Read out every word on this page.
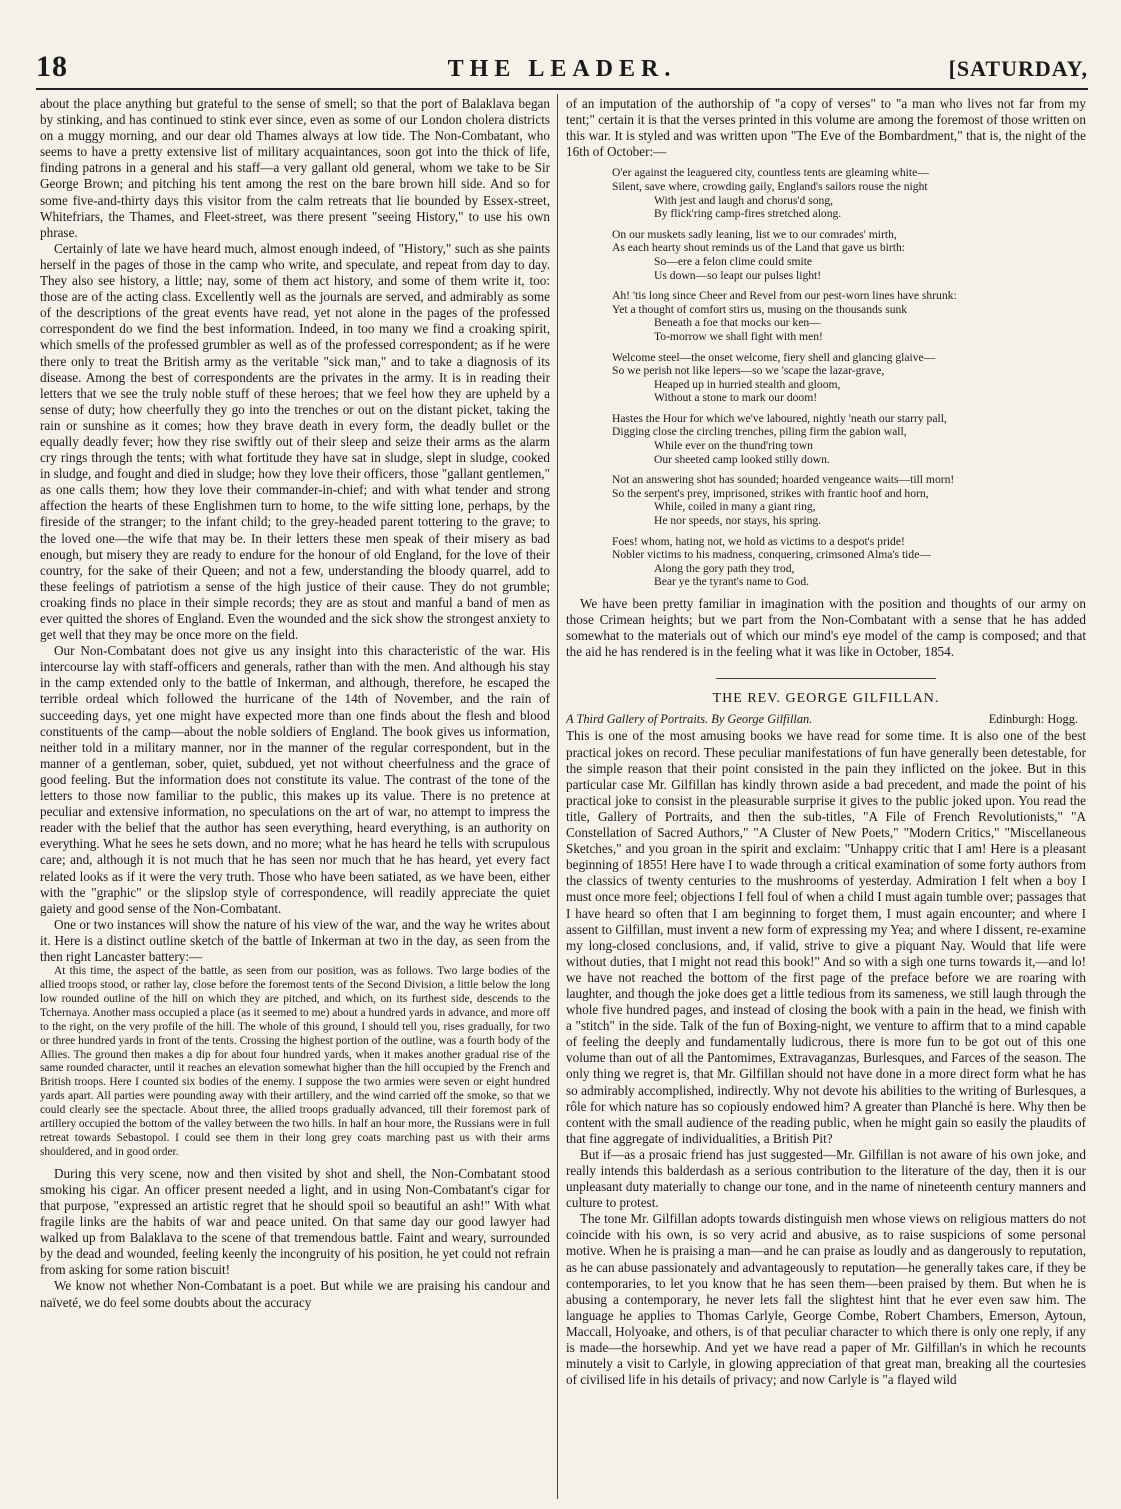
18	THE LEADER.	[SATURDAY,

about the place anything but grateful to the sense of smell; so that the port of Balaklava began by stinking, and has continued to stink ever since, even as some of our London cholera districts on a muggy morning, and our dear old Thames always at low tide. The Non-Combatant, who seems to have a pretty extensive list of military acquaintances, soon got into the thick of life, finding patrons in a general and his staff—a very gallant old general, whom we take to be Sir George Brown; and pitching his tent among the rest on the bare brown hill side. And so for some five-and-thirty days this visitor from the calm retreats that lie bounded by Essex-street, Whitefriars, the Thames, and Fleet-street, was there present "seeing History," to use his own phrase.

Certainly of late we have heard much, almost enough indeed, of "History," such as she paints herself in the pages of those in the camp who write, and speculate, and repeat from day to day. They also see history, a little; nay, some of them act history, and some of them write it, too: those are of the acting class. Excellently well as the journals are served, and admirably as some of the descriptions of the great events have read, yet not alone in the pages of the professed correspondent do we find the best information. Indeed, in too many we find a croaking spirit, which smells of the professed grumbler as well as of the professed correspondent; as if he were there only to treat the British army as the veritable "sick man," and to take a diagnosis of its disease. Among the best of correspondents are the privates in the army. It is in reading their letters that we see the truly noble stuff of these heroes; that we feel how they are upheld by a sense of duty; how cheerfully they go into the trenches or out on the distant picket, taking the rain or sunshine as it comes; how they brave death in every form, the deadly bullet or the equally deadly fever; how they rise swiftly out of their sleep and seize their arms as the alarm cry rings through the tents; with what fortitude they have sat in sludge, slept in sludge, cooked in sludge, and fought and died in sludge; how they love their officers, those "gallant gentlemen," as one calls them; how they love their commander-in-chief; and with what tender and strong affection the hearts of these Englishmen turn to home, to the wife sitting lone, perhaps, by the fireside of the stranger; to the infant child; to the grey-headed parent tottering to the grave; to the loved one—the wife that may be. In their letters these men speak of their misery as bad enough, but misery they are ready to endure for the honour of old England, for the love of their country, for the sake of their Queen; and not a few, understanding the bloody quarrel, add to these feelings of patriotism a sense of the high justice of their cause. They do not grumble; croaking finds no place in their simple records; they are as stout and manful a band of men as ever quitted the shores of England. Even the wounded and the sick show the strongest anxiety to get well that they may be once more on the field.

Our Non-Combatant does not give us any insight into this characteristic of the war. His intercourse lay with staff-officers and generals, rather than with the men. And although his stay in the camp extended only to the battle of Inkerman, and although, therefore, he escaped the terrible ordeal which followed the hurricane of the 14th of November, and the rain of succeeding days, yet one might have expected more than one finds about the flesh and blood constituents of the camp—about the noble soldiers of England. The book gives us information, neither told in a military manner, nor in the manner of the regular correspondent, but in the manner of a gentleman, sober, quiet, subdued, yet not without cheerfulness and the grace of good feeling. But the information does not constitute its value. The contrast of the tone of the letters to those now familiar to the public, this makes up its value. There is no pretence at peculiar and extensive information, no speculations on the art of war, no attempt to impress the reader with the belief that the author has seen everything, heard everything, is an authority on everything. What he sees he sets down, and no more; what he has heard he tells with scrupulous care; and, although it is not much that he has seen nor much that he has heard, yet every fact related looks as if it were the very truth. Those who have been satiated, as we have been, either with the "graphic" or the slipslop style of correspondence, will readily appreciate the quiet gaiety and good sense of the Non-Combatant.

One or two instances will show the nature of his view of the war, and the way he writes about it. Here is a distinct outline sketch of the battle of Inkerman at two in the day, as seen from the then right Lancaster battery:—

At this time, the aspect of the battle, as seen from our position, was as follows. Two large bodies of the allied troops stood, or rather lay, close before the foremost tents of the Second Division, a little below the long low rounded outline of the hill on which they are pitched, and which, on its furthest side, descends to the Tchernaya. Another mass occupied a place (as it seemed to me) about a hundred yards in advance, and more off to the right, on the very profile of the hill. The whole of this ground, I should tell you, rises gradually, for two or three hundred yards in front of the tents. Crossing the highest portion of the outline, was a fourth body of the Allies. The ground then makes a dip for about four hundred yards, when it makes another gradual rise of the same rounded character, until it reaches an elevation somewhat higher than the hill occupied by the French and British troops. Here I counted six bodies of the enemy. I suppose the two armies were seven or eight hundred yards apart. All parties were pounding away with their artillery, and the wind carried off the smoke, so that we could clearly see the spectacle. About three, the allied troops gradually advanced, till their foremost park of artillery occupied the bottom of the valley between the two hills. In half an hour more, the Russians were in full retreat towards Sebastopol. I could see them in their long grey coats marching past us with their arms shouldered, and in good order.

During this very scene, now and then visited by shot and shell, the Non-Combatant stood smoking his cigar. An officer present needed a light, and in using Non-Combatant's cigar for that purpose, "expressed an artistic regret that he should spoil so beautiful an ash!" With what fragile links are the habits of war and peace united. On that same day our good lawyer had walked up from Balaklava to the scene of that tremendous battle. Faint and weary, surrounded by the dead and wounded, feeling keenly the incongruity of his position, he yet could not refrain from asking for some ration biscuit!

We know not whether Non-Combatant is a poet. But while we are praising his candour and naïveté, we do feel some doubts about the accuracy

of an imputation of the authorship of "a copy of verses" to "a man who lives not far from my tent;" certain it is that the verses printed in this volume are among the foremost of those written on this war. It is styled and was written upon "The Eve of the Bombardment," that is, the night of the 16th of October:—

O'er against the leaguered city, countless tents are gleaming white—
Silent, save where, crowding gaily, England's sailors rouse the night
With jest and laugh and chorus'd song,
By flick'ring camp-fires stretched along.
On our muskets sadly leaning, list we to our comrades' mirth,
As each hearty shout reminds us of the Land that gave us birth:
So—ere a felon clime could smite
Us down—so leapt our pulses light!
Ah! 'tis long since Cheer and Revel from our pest-worn lines have shrunk:
Yet a thought of comfort stirs us, musing on the thousands sunk
Beneath a foe that mocks our ken—
To-morrow we shall fight with men!
Welcome steel—the onset welcome, fiery shell and glancing glaive—
So we perish not like lepers—so we 'scape the lazar-grave,
Heaped up in hurried stealth and gloom,
Without a stone to mark our doom!
Hastes the Hour for which we've laboured, nightly 'neath our starry pall,
Digging close the circling trenches, piling firm the gabion wall,
While ever on the thund'ring town
Our sheeted camp looked stilly down.
Not an answering shot has sounded; hoarded vengeance waits—till morn!
So the serpent's prey, imprisoned, strikes with frantic hoof and horn,
While, coiled in many a giant ring,
He nor speeds, nor stays, his spring.
Foes! whom, hating not, we hold as victims to a despot's pride!
Nobler victims to his madness, conquering, crimsoned Alma's tide—
Along the gory path they trod,
Bear ye the tyrant's name to God.

We have been pretty familiar in imagination with the position and thoughts of our army on those Crimean heights; but we part from the Non-Combatant with a sense that he has added somewhat to the materials out of which our mind's eye model of the camp is composed; and that the aid he has rendered is in the feeling what it was like in October, 1854.

THE REV. GEORGE GILFILLAN.
A Third Gallery of Portraits. By George Gilfillan.	Edinburgh: Hogg.

This is one of the most amusing books we have read for some time. It is also one of the best practical jokes on record. These peculiar manifestations of fun have generally been detestable, for the simple reason that their point consisted in the pain they inflicted on the jokee. But in this particular case Mr. Gilfillan has kindly thrown aside a bad precedent, and made the point of his practical joke to consist in the pleasurable surprise it gives to the public joked upon. You read the title, Gallery of Portraits, and then the sub-titles, "A File of French Revolutionists," "A Constellation of Sacred Authors," "A Cluster of New Poets," "Modern Critics," "Miscellaneous Sketches," and you groan in the spirit and exclaim: "Unhappy critic that I am! Here is a pleasant beginning of 1855! Here have I to wade through a critical examination of some forty authors from the classics of twenty centuries to the mushrooms of yesterday. Admiration I felt when a boy I must once more feel; objections I fell foul of when a child I must again tumble over; passages that I have heard so often that I am beginning to forget them, I must again encounter; and where I assent to Gilfillan, must invent a new form of expressing my Yea; and where I dissent, re-examine my long-closed conclusions, and, if valid, strive to give a piquant Nay. Would that life were without duties, that I might not read this book!" And so with a sigh one turns towards it,—and lo! we have not reached the bottom of the first page of the preface before we are roaring with laughter, and though the joke does get a little tedious from its sameness, we still laugh through the whole five hundred pages, and instead of closing the book with a pain in the head, we finish with a "stitch" in the side. Talk of the fun of Boxing-night, we venture to affirm that to a mind capable of feeling the deeply and fundamentally ludicrous, there is more fun to be got out of this one volume than out of all the Pantomimes, Extravaganzas, Burlesques, and Farces of the season. The only thing we regret is, that Mr. Gilfillan should not have done in a more direct form what he has so admirably accomplished, indirectly. Why not devote his abilities to the writing of Burlesques, a rôle for which nature has so copiously endowed him? A greater than Planché is here. Why then be content with the small audience of the reading public, when he might gain so easily the plaudits of that fine aggregate of individualities, a British Pit?

But if—as a prosaic friend has just suggested—Mr. Gilfillan is not aware of his own joke, and really intends this balderdash as a serious contribution to the literature of the day, then it is our unpleasant duty materially to change our tone, and in the name of nineteenth century manners and culture to protest.

The tone Mr. Gilfillan adopts towards distinguish men whose views on religious matters do not coincide with his own, is so very acrid and abusive, as to raise suspicions of some personal motive. When he is praising a man—and he can praise as loudly and as dangerously to reputation, as he can abuse passionately and advantageously to reputation—he generally takes care, if they be contemporaries, to let you know that he has seen them—been praised by them. But when he is abusing a contemporary, he never lets fall the slightest hint that he ever even saw him. The language he applies to Thomas Carlyle, George Combe, Robert Chambers, Emerson, Aytoun, Maccall, Holyoake, and others, is of that peculiar character to which there is only one reply, if any is made—the horsewhip. And yet we have read a paper of Mr. Gilfillan's in which he recounts minutely a visit to Carlyle, in glowing appreciation of that great man, breaking all the courtesies of civilised life in his details of privacy; and now Carlyle is "a flayed wild
